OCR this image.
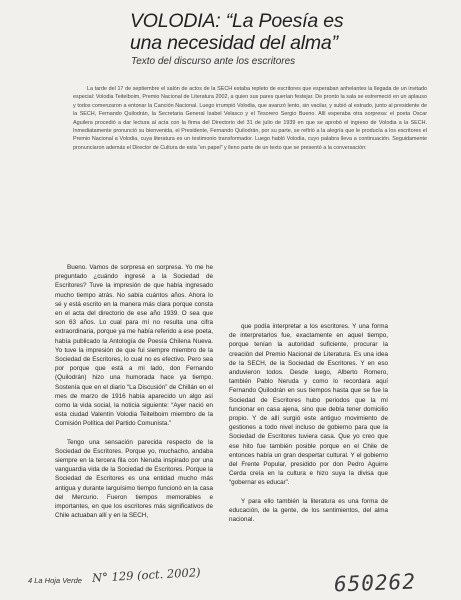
VOLODIA: “La Poesía es
una necesidad del alma”
Texto del discurso ante los escritores
La tarde del 17 de septiembre el salón de actos de la SECH estaba repleto de escritores que esperaban anhelantes la llegada de un invitado especial: Volodia Teitelboim, Premio Nacional de Literatura 2002, a quien sus pares querían festejar. De pronto la sala se estremeció en un aplauso y todos comenzaron a entonar la Canción Nacional. Luego irrumpió Volodia, que avanzó lento, sin vacilar, y subió al estrado, junto al presidente de la SECH, Fernando Quilodrán, la Secretaria General Isabel Velasco y el Tesorero Sergio Bueno. Allí esperaba otra sorpresa: el poeta Oscar Aguilera procedió a dar lectura al acta con la firma del Directorio del 31 de julio de 1939 en que se aprobó el ingreso de Volodia a la SECH. Inmediatamente pronunció su bienvenida, el Presidente, Fernando Quilodrán, por su parte, se refirió a la alegría que le producía a los escritores el Premio Nacional a Volodia, cuya literatura es un testimonio transformador. Luego habló Volodia, cuyo palabra lleva a continuación. Seguidamente pronunciaron además el Director de Cultura de esta “en papel” y lleno parte de un texto que se presentó a la conversación:

Bueno. Vamos de sorpresa en sorpresa. Yo me he preguntado ¿cuándo ingresé a la Sociedad de Escritores? Tuve la impresión de que había ingresado mucho tiempo atrás. No sabía cuántos años. Ahora lo sé y está escrito en la manera más clara porque consta en el acta del directorio de ese año 1939. O sea que son 63 años. Lo cual para mí no resulta una cifra extraordinaria, porque ya me había referido a ese poeta, había publicado la Antología de Poesía Chilena Nueva. Yo tuve la impresión de que fui siempre miembro de la Sociedad de Escritores, lo cual no es efectivo. Pero sea por porque que está a mi lado, don Fernando (Quilodrán) hizo una humorada hace ya tiempo. Sostenía que en el diario “La Discusión” de Chillán en el mes de marzo de 1916 había aparecido un algo así como la vida social, la noticia siguiente: “Ayer nació en esta ciudad Valentín Volodia Teitelboim miembro de la Comisión Política del Partido Comunista.”

Tengo una sensación parecida respecto de la Sociedad de Escritores. Porque yo, muchacho, andaba siempre en la tercera fila con Neruda inspirado por una vanguardia vida de la Sociedad de Escritores. Porque la Sociedad de Escritores es una entidad mucho más antigua y durante larguísimo tiempo funcionó en la casa del Mercurio. Fueron tiempos memorables e importantes, en que los escritores más significativos de Chile actuaban allí y en la SECH,

que podía interpretar a los escritores. Y una forma de interpretarlos fue, exactamente en aquel tiempo, porque tenían la autoridad suficiente, procurar la creación del Premio Nacional de Literatura. Es una idea de la SECH, de la Sociedad de Escritores. Y en eso anduvieron todos. Desde luego, Alberto Romero, también Pablo Neruda y como lo recordara aquí Fernando Quilodrán en sus tiempos hasta que se fue la Sociedad de Escritores hubo periodos que la mí funcionar en casa ajena, sino que debía tener domicilio propio. Y de allí surgió este antiguo movimiento de gestiones a todo nivel incluso de gobierno para que la Sociedad de Escritores tuviera casa. Que yo creo que ese hito fue también posible porque en el Chile de entonces había un gran despertar cultural. Y el gobierno del Frente Popular, presidido por don Pedro Aguirre Cerda creía en la cultura e hizo suya la divisa que “gobernar es educar”.

Y para ello también la literatura es una forma de educación, de la gente, de los sentimientos, del alma nacional.

4 La Hoja Verde N° 129 (oct. 2002)	650262
